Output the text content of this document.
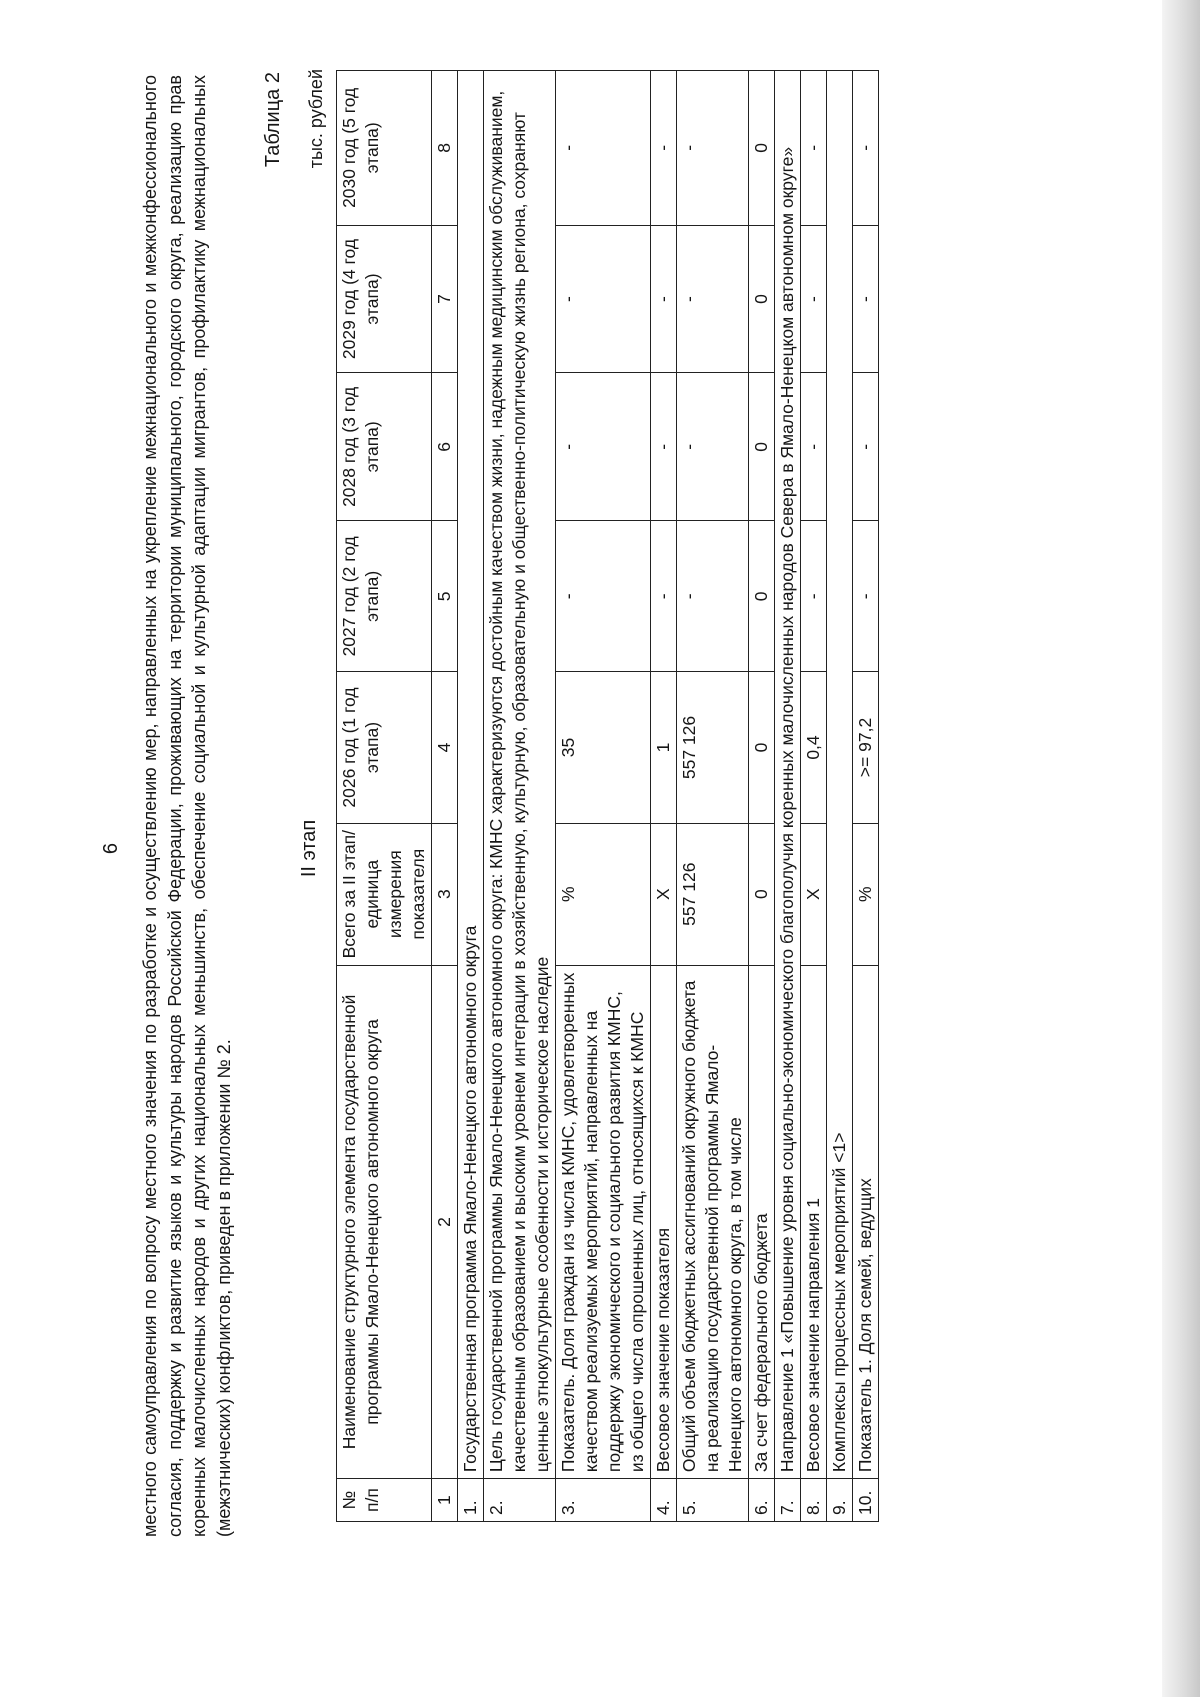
6 местного самоуправления по вопросу местного значения по разработке и осуществлению мер, направленных на укрепление межнационального и межконфессионального согласия, поддержку и развитие языков и культуры народов Российской Федерации, проживающих на территории муниципального, городского округа, реализацию прав коренных малочисленных народов и других национальных меньшинств, обеспечение социальной и культурной адаптации мигрантов, профилактику межнациональных (межэтнических) конфликтов, приведен в приложении № 2.

Таблица 2
II этап
тыс. рублей
№ п/п	Наименование структурного элемента государственной программы Ямало-Ненецкого автономного округа	Всего за II этап/ единица измерения показателя	2026 год (1 год этапа)	2027 год (2 год этапа)	2028 год (3 год этапа)	2029 год (4 год этапа)	2030 год (5 год этапа)
1	2	3	4	5	6	7	8
1.	Государственная программа Ямало-Ненецкого автономного округа						
2.	Цель государственной программы Ямало-Ненецкого автономного округа: КМНС характеризуются достойным качеством жизни, надежным медицинским обслуживанием, качественным образованием и высоким уровнем интеграции в хозяйственную, культурную, образовательную и общественно-политическую жизнь региона, сохраняют ценные этнокультурные особенности и историческое наследие						
3.	Показатель. Доля граждан из числа КМНС, удовлетворенных качеством реализуемых мероприятий, направленных на поддержку экономического и социального развития КМНС, из общего числа опрошенных лиц, относящихся к КМНС	%	35	-	-	-	-
4.	Весовое значение показателя	X	1	-	-	-	-
5.	Общий объем бюджетных ассигнований окружного бюджета на реализацию государственной программы Ямало-Ненецкого автономного округа, в том числе	557 126	557 126	-	-	-	-
6.	За счет федерального бюджета	0	0	0	0	0	0
7.	Направление 1 «Повышение уровня социально-экономического благополучия коренных малочисленных народов Севера в Ямало-Ненецком автономном округе»						
8.	Весовое значение направления 1	X	0,4	-	-	-	-
9.	Комплексы процессных мероприятий <1>						
10.	Показатель 1. Доля семей, ведущих	%	>= 97,2	-	-	-	-
